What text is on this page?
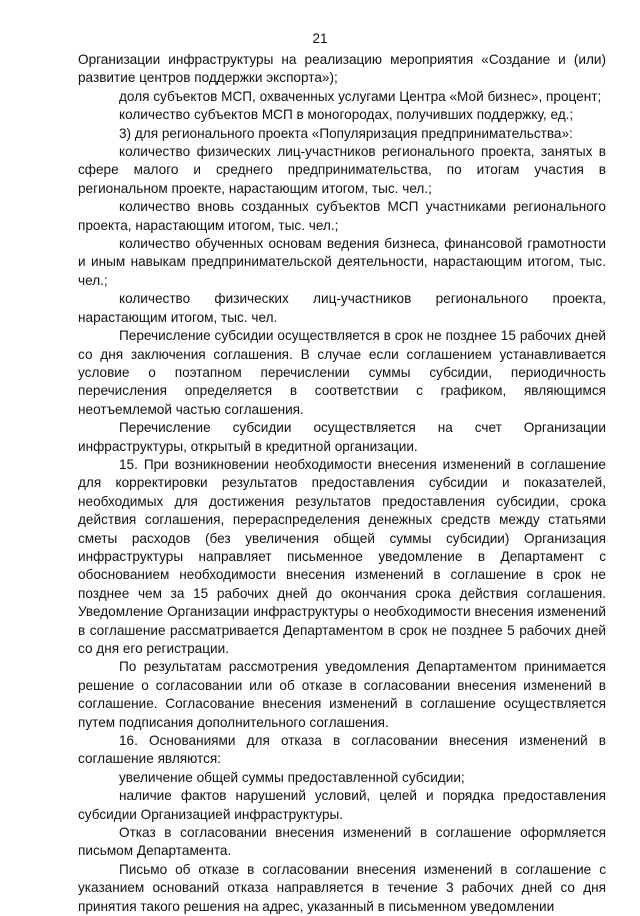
21

Организации инфраструктуры на реализацию мероприятия «Создание и (или) развитие центров поддержки экспорта»);

доля субъектов МСП, охваченных услугами Центра «Мой бизнес», процент;

количество субъектов МСП в моногородах, получивших поддержку, ед.;

3) для регионального проекта «Популяризация предпринимательства»:

количество физических лиц-участников регионального проекта, занятых в сфере малого и среднего предпринимательства, по итогам участия в региональном проекте, нарастающим итогом, тыс. чел.;

количество вновь созданных субъектов МСП участниками регионального проекта, нарастающим итогом, тыс. чел.;

количество обученных основам ведения бизнеса, финансовой грамотности и иным навыкам предпринимательской деятельности, нарастающим итогом, тыс. чел.;

количество физических лиц-участников регионального проекта, нарастающим итогом, тыс. чел.

Перечисление субсидии осуществляется в срок не позднее 15 рабочих дней со дня заключения соглашения. В случае если соглашением устанавливается условие о поэтапном перечислении суммы субсидии, периодичность перечисления определяется в соответствии с графиком, являющимся неотъемлемой частью соглашения.

Перечисление субсидии осуществляется на счет Организации инфраструктуры, открытый в кредитной организации.

15. При возникновении необходимости внесения изменений в соглашение для корректировки результатов предоставления субсидии и показателей, необходимых для достижения результатов предоставления субсидии, срока действия соглашения, перераспределения денежных средств между статьями сметы расходов (без увеличения общей суммы субсидии) Организация инфраструктуры направляет письменное уведомление в Департамент с обоснованием необходимости внесения изменений в соглашение в срок не позднее чем за 15 рабочих дней до окончания срока действия соглашения. Уведомление Организации инфраструктуры о необходимости внесения изменений в соглашение рассматривается Департаментом в срок не позднее 5 рабочих дней со дня его регистрации.

По результатам рассмотрения уведомления Департаментом принимается решение о согласовании или об отказе в согласовании внесения изменений в соглашение. Согласование внесения изменений в соглашение осуществляется путем подписания дополнительного соглашения.

16. Основаниями для отказа в согласовании внесения изменений в соглашение являются:

увеличение общей суммы предоставленной субсидии;

наличие фактов нарушений условий, целей и порядка предоставления субсидии Организацией инфраструктуры.

Отказ в согласовании внесения изменений в соглашение оформляется письмом Департамента.

Письмо об отказе в согласовании внесения изменений в соглашение с указанием оснований отказа направляется в течение 3 рабочих дней со дня принятия такого решения на адрес, указанный в письменном уведомлении
